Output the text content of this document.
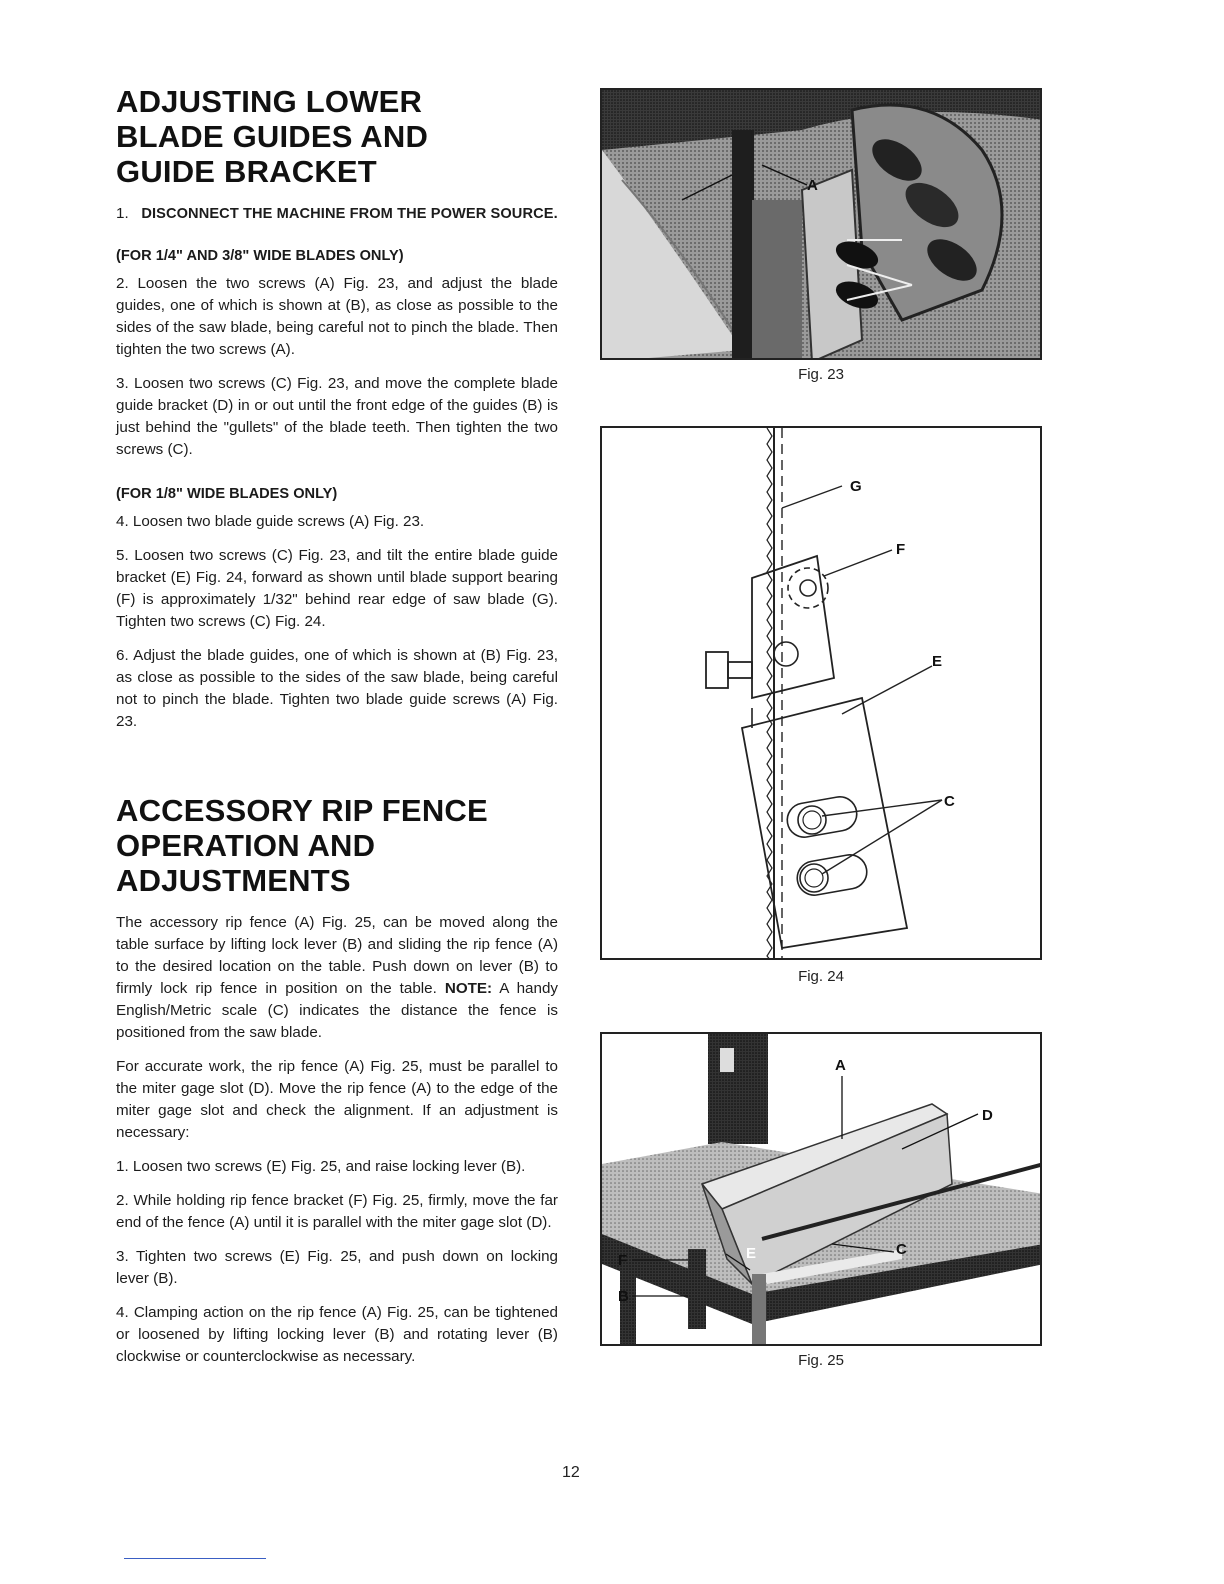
ADJUSTING LOWER
BLADE GUIDES AND
GUIDE BRACKET

1. DISCONNECT THE MACHINE FROM THE POWER SOURCE.

(FOR 1/4" AND 3/8" WIDE BLADES ONLY)

2. Loosen the two screws (A) Fig. 23, and adjust the blade guides, one of which is shown at (B), as close as possible to the sides of the saw blade, being careful not to pinch the blade. Then tighten the two screws (A).

3. Loosen two screws (C) Fig. 23, and move the complete blade guide bracket (D) in or out until the front edge of the guides (B) is just behind the "gullets" of the blade teeth. Then tighten the two screws (C).

(FOR 1/8" WIDE BLADES ONLY)

4. Loosen two blade guide screws (A) Fig. 23.

5. Loosen two screws (C) Fig. 23, and tilt the entire blade guide bracket (E) Fig. 24, forward as shown until blade support bearing (F) is approximately 1/32" behind rear edge of saw blade (G). Tighten two screws (C) Fig. 24.

6. Adjust the blade guides, one of which is shown at (B) Fig. 23, as close as possible to the sides of the saw blade, being careful not to pinch the blade. Tighten two blade guide screws (A) Fig. 23.

ACCESSORY RIP FENCE
OPERATION AND
ADJUSTMENTS

The accessory rip fence (A) Fig. 25, can be moved along the table surface by lifting lock lever (B) and sliding the rip fence (A) to the desired location on the table. Push down on lever (B) to firmly lock rip fence in position on the table. NOTE: A handy English/Metric scale (C) indicates the distance the fence is positioned from the saw blade.

For accurate work, the rip fence (A) Fig. 25, must be parallel to the miter gage slot (D). Move the rip fence (A) to the edge of the miter gage slot and check the alignment. If an adjustment is necessary:

1. Loosen two screws (E) Fig. 25, and raise locking lever (B).

2. While holding rip fence bracket (F) Fig. 25, firmly, move the far end of the fence (A) until it is parallel with the miter gage slot (D).

3. Tighten two screws (E) Fig. 25, and push down on locking lever (B).

4. Clamping action on the rip fence (A) Fig. 25, can be tightened or loosened by lifting locking lever (B) and rotating lever (B) clockwise or counterclockwise as necessary.

A
Fig. 23
G
F
E
C
Fig. 24
A
D
E	C
F
B
Fig. 25
12
